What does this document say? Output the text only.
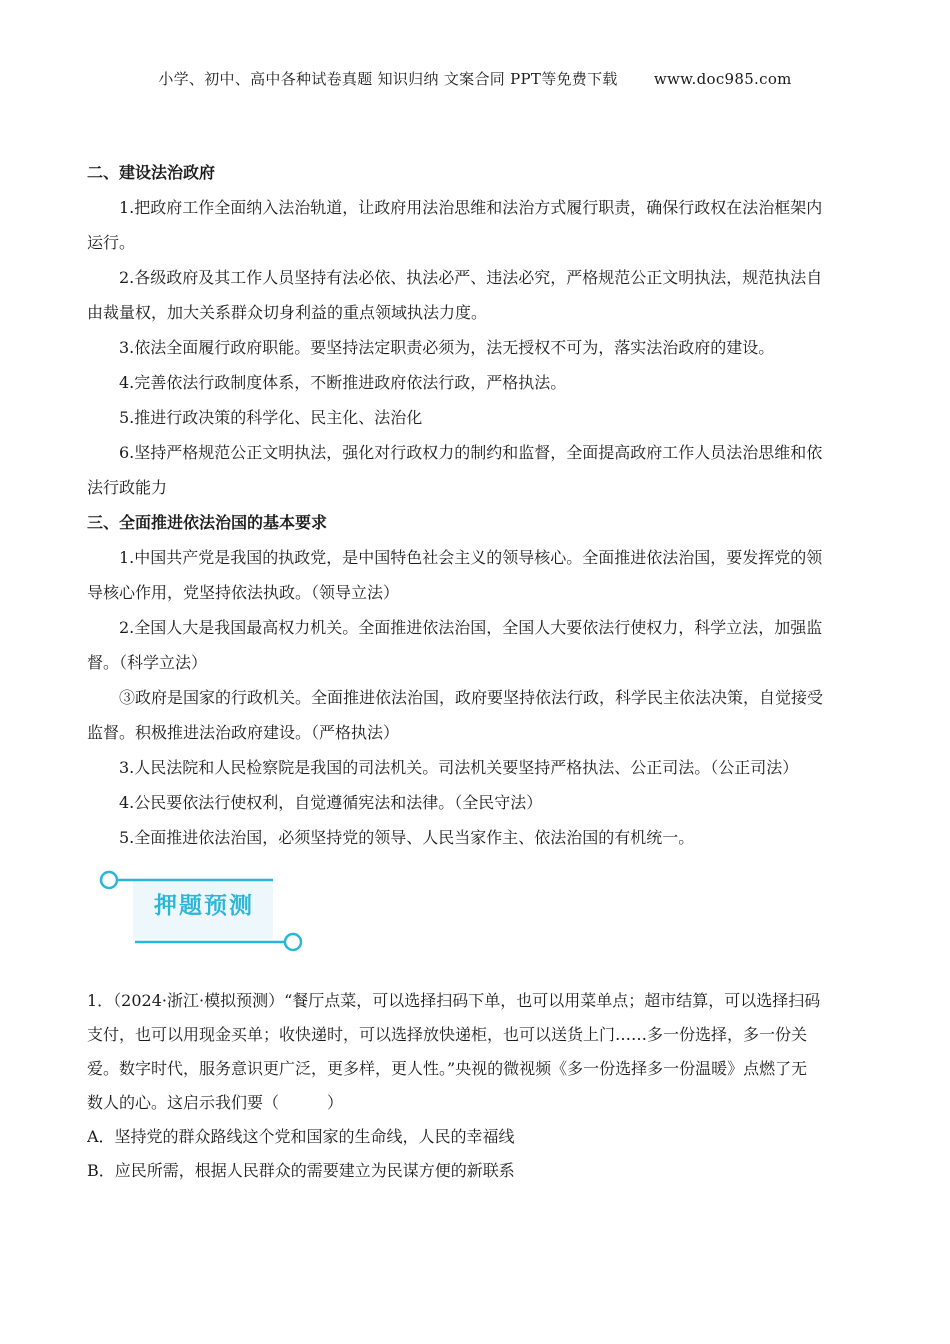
小学、初中、高中各种试卷真题 知识归纳 文案合同 PPT等免费下载 www.doc985.com

二、建设法治政府

1.把政府工作全面纳入法治轨道，让政府用法治思维和法治方式履行职责，确保行政权在法治框架内

运行。

2.各级政府及其工作人员坚持有法必依、执法必严、违法必究，严格规范公正文明执法，规范执法自

由裁量权，加大关系群众切身利益的重点领域执法力度。

3.依法全面履行政府职能。要坚持法定职责必须为，法无授权不可为，落实法治政府的建设。

4.完善依法行政制度体系，不断推进政府依法行政，严格执法。

5.推进行政决策的科学化、民主化、法治化

6.坚持严格规范公正文明执法，强化对行政权力的制约和监督，全面提高政府工作人员法治思维和依

法行政能力

三、全面推进依法治国的基本要求

1.中国共产党是我国的执政党，是中国特色社会主义的领导核心。全面推进依法治国，要发挥党的领

导核心作用，党坚持依法执政。（领导立法）

2.全国人大是我国最高权力机关。全面推进依法治国，全国人大要依法行使权力，科学立法，加强监

督。（科学立法）

③政府是国家的行政机关。全面推进依法治国，政府要坚持依法行政，科学民主依法决策，自觉接受

监督。积极推进法治政府建设。（严格执法）

3.人民法院和人民检察院是我国的司法机关。司法机关要坚持严格执法、公正司法。（公正司法）

4.公民要依法行使权利，自觉遵循宪法和法律。（全民守法）

5.全面推进依法治国，必须坚持党的领导、人民当家作主、依法治国的有机统一。

押题预测

1．（2024·浙江·模拟预测）“餐厅点菜，可以选择扫码下单，也可以用菜单点；超市结算，可以选择扫码

支付，也可以用现金买单；收快递时，可以选择放快递柜，也可以送货上门……多一份选择，多一份关

爱。数字时代，服务意识更广泛，更多样，更人性。”央视的微视频《多一份选择多一份温暖》点燃了无

数人的心。这启示我们要（　　　）

A．坚持党的群众路线这个党和国家的生命线，人民的幸福线

B．应民所需，根据人民群众的需要建立为民谋方便的新联系
